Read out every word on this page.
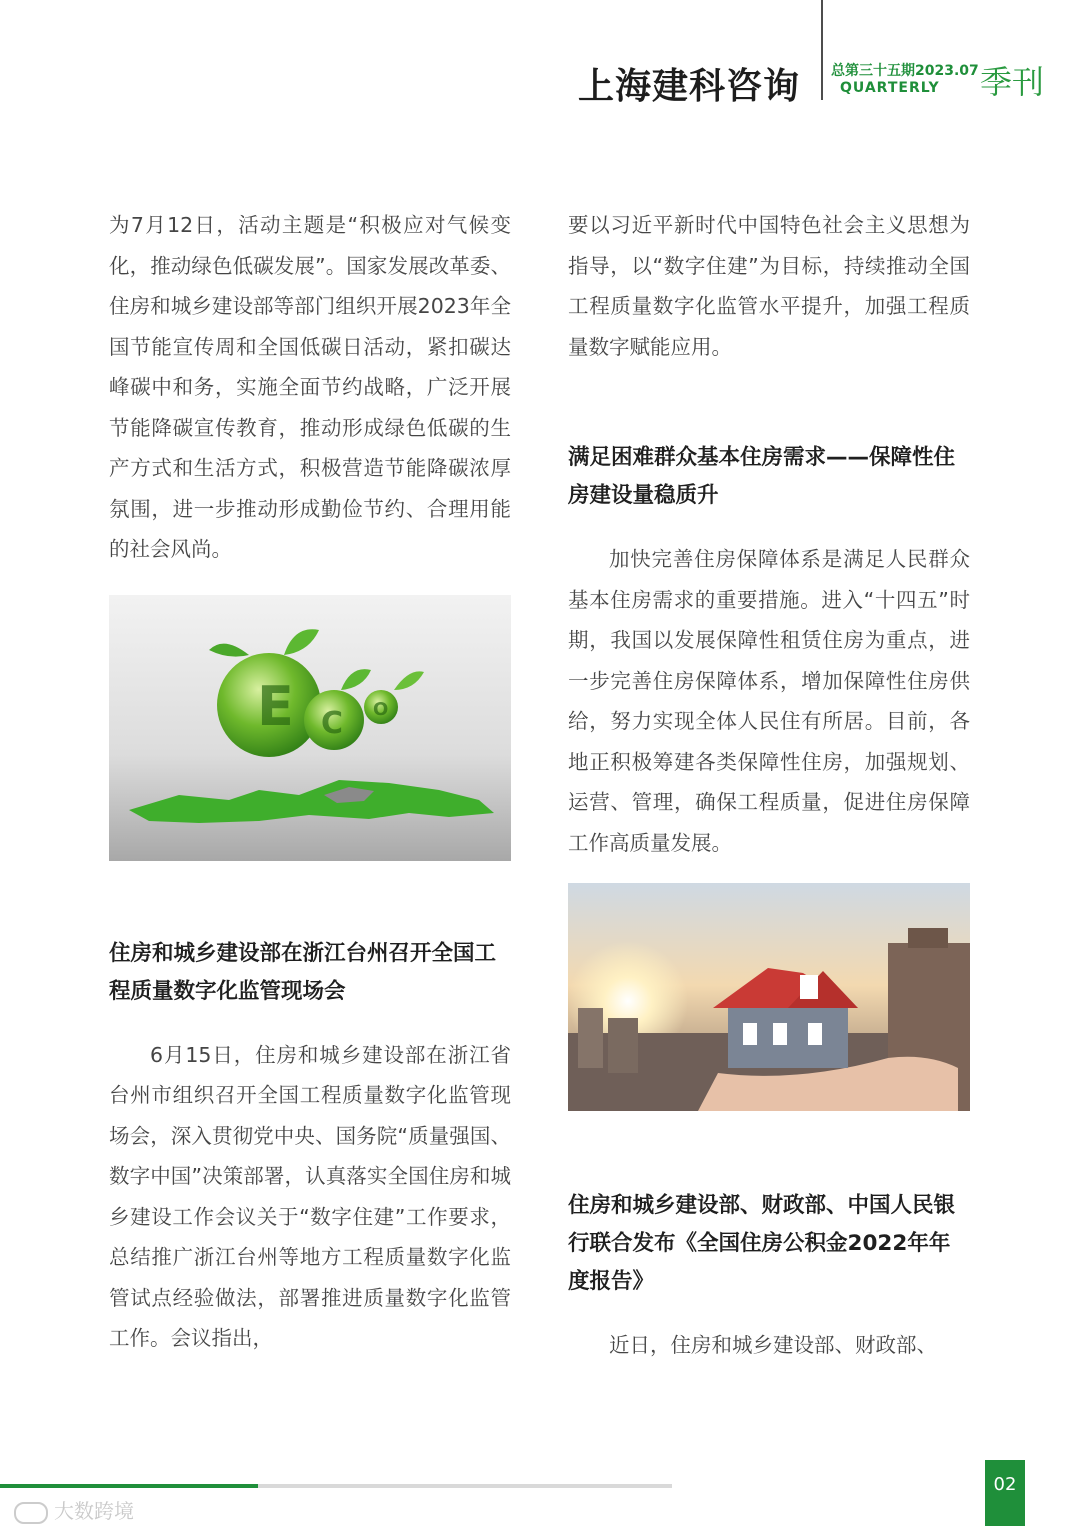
上海建科咨询 总第三十五期2023.07
QUARTERLY 季刊

为7月12日，活动主题是“积极应对气候变化，推动绿色低碳发展”。国家发展改革委、住房和城乡建设部等部门组织开展2023年全国节能宣传周和全国低碳日活动，紧扣碳达峰碳中和务，实施全面节约战略，广泛开展节能降碳宣传教育，推动形成绿色低碳的生产方式和生活方式，积极营造节能降碳浓厚氛围，进一步推动形成勤俭节约、合理用能的社会风尚。

E C O

住房和城乡建设部在浙江台州召开全国工程质量数字化监管现场会

6月15日，住房和城乡建设部在浙江省台州市组织召开全国工程质量数字化监管现场会，深入贯彻党中央、国务院“质量强国、数字中国”决策部署，认真落实全国住房和城乡建设工作会议关于“数字住建”工作要求，总结推广浙江台州等地方工程质量数字化监管试点经验做法，部署推进质量数字化监管工作。会议指出，

要以习近平新时代中国特色社会主义思想为指导，以“数字住建”为目标，持续推动全国工程质量数字化监管水平提升，加强工程质量数字赋能应用。

满足困难群众基本住房需求——保障性住房建设量稳质升

加快完善住房保障体系是满足人民群众基本住房需求的重要措施。进入“十四五”时期，我国以发展保障性租赁住房为重点，进一步完善住房保障体系，增加保障性住房供给，努力实现全体人民住有所居。目前，各地正积极筹建各类保障性住房，加强规划、运营、管理，确保工程质量，促进住房保障工作高质量发展。

住房和城乡建设部、财政部、中国人民银行联合发布《全国住房公积金2022年年度报告》

近日，住房和城乡建设部、财政部、

02
大数跨境
